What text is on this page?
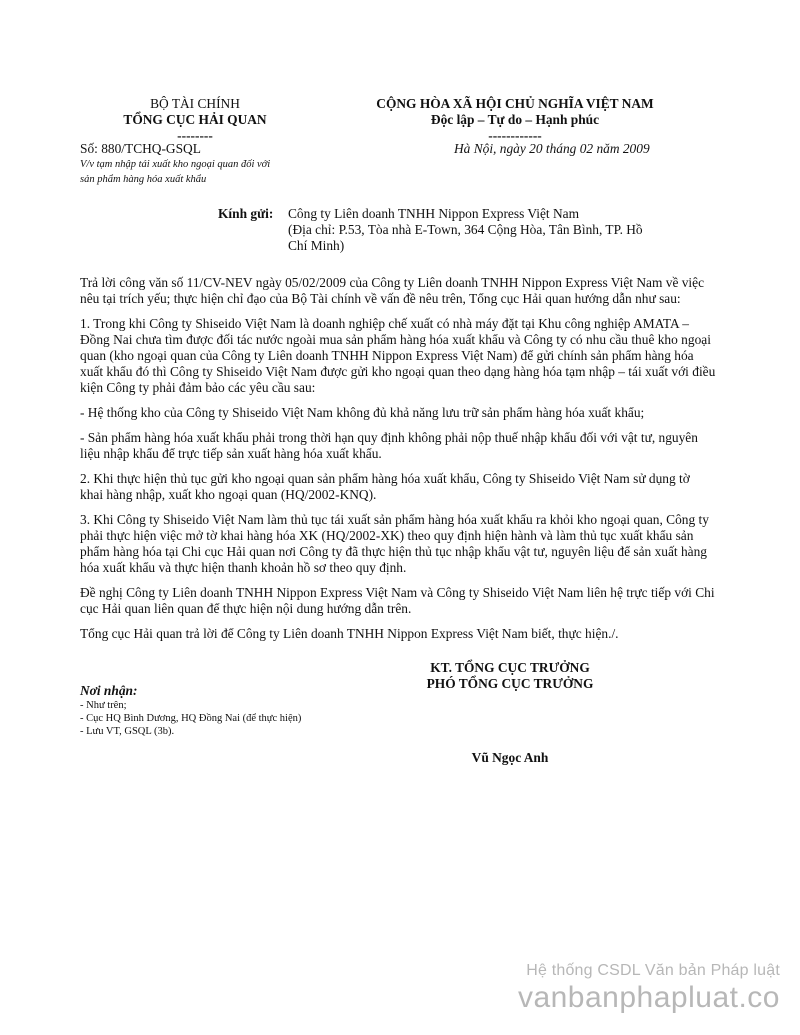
BỘ TÀI CHÍNH
TỔNG CỤC HẢI QUAN
--------
CỘNG HÒA XÃ HỘI CHỦ NGHĨA VIỆT NAM
Độc lập – Tự do – Hạnh phúc
------------
Số: 880/TCHQ-GSQL	Hà Nội, ngày 20 tháng 02 năm 2009
V/v tạm nhập tái xuất kho ngoại quan đối với sản phẩm hàng hóa xuất khẩu
Kính gửi: Công ty Liên doanh TNHH Nippon Express Việt Nam
(Địa chỉ: P.53, Tòa nhà E-Town, 364 Cộng Hòa, Tân Bình, TP. Hồ Chí Minh)

Trả lời công văn số 11/CV-NEV ngày 05/02/2009 của Công ty Liên doanh TNHH Nippon Express Việt Nam về việc nêu tại trích yếu; thực hiện chỉ đạo của Bộ Tài chính về vấn đề nêu trên, Tổng cục Hải quan hướng dẫn như sau:

1. Trong khi Công ty Shiseido Việt Nam là doanh nghiệp chế xuất có nhà máy đặt tại Khu công nghiệp AMATA – Đồng Nai chưa tìm được đối tác nước ngoài mua sản phẩm hàng hóa xuất khẩu và Công ty có nhu cầu thuê kho ngoại quan (kho ngoại quan của Công ty Liên doanh TNHH Nippon Express Việt Nam) để gửi chính sản phẩm hàng hóa xuất khẩu đó thì Công ty Shiseido Việt Nam được gửi kho ngoại quan theo dạng hàng hóa tạm nhập – tái xuất với điều kiện Công ty phải đảm bảo các yêu cầu sau:

- Hệ thống kho của Công ty Shiseido Việt Nam không đủ khả năng lưu trữ sản phẩm hàng hóa xuất khẩu;

- Sản phẩm hàng hóa xuất khẩu phải trong thời hạn quy định không phải nộp thuế nhập khẩu đối với vật tư, nguyên liệu nhập khẩu để trực tiếp sản xuất hàng hóa xuất khẩu.

2. Khi thực hiện thủ tục gửi kho ngoại quan sản phẩm hàng hóa xuất khẩu, Công ty Shiseido Việt Nam sử dụng tờ khai hàng nhập, xuất kho ngoại quan (HQ/2002-KNQ).

3. Khi Công ty Shiseido Việt Nam làm thủ tục tái xuất sản phẩm hàng hóa xuất khẩu ra khỏi kho ngoại quan, Công ty phải thực hiện việc mở tờ khai hàng hóa XK (HQ/2002-XK) theo quy định hiện hành và làm thủ tục xuất khẩu sản phẩm hàng hóa tại Chi cục Hải quan nơi Công ty đã thực hiện thủ tục nhập khẩu vật tư, nguyên liệu để sản xuất hàng hóa xuất khẩu và thực hiện thanh khoản hồ sơ theo quy định.

Đề nghị Công ty Liên doanh TNHH Nippon Express Việt Nam và Công ty Shiseido Việt Nam liên hệ trực tiếp với Chi cục Hải quan liên quan để thực hiện nội dung hướng dẫn trên.

Tổng cục Hải quan trả lời để Công ty Liên doanh TNHH Nippon Express Việt Nam biết, thực hiện./.

KT. TỔNG CỤC TRƯỞNG
PHÓ TỔNG CỤC TRƯỞNG
Vũ Ngọc Anh
Nơi nhận:
- Như trên;
- Cục HQ Bình Dương, HQ Đồng Nai (để thực hiện)
- Lưu VT, GSQL (3b).
Hệ thống CSDL Văn bản Pháp luật
vanbanphapluat.co
